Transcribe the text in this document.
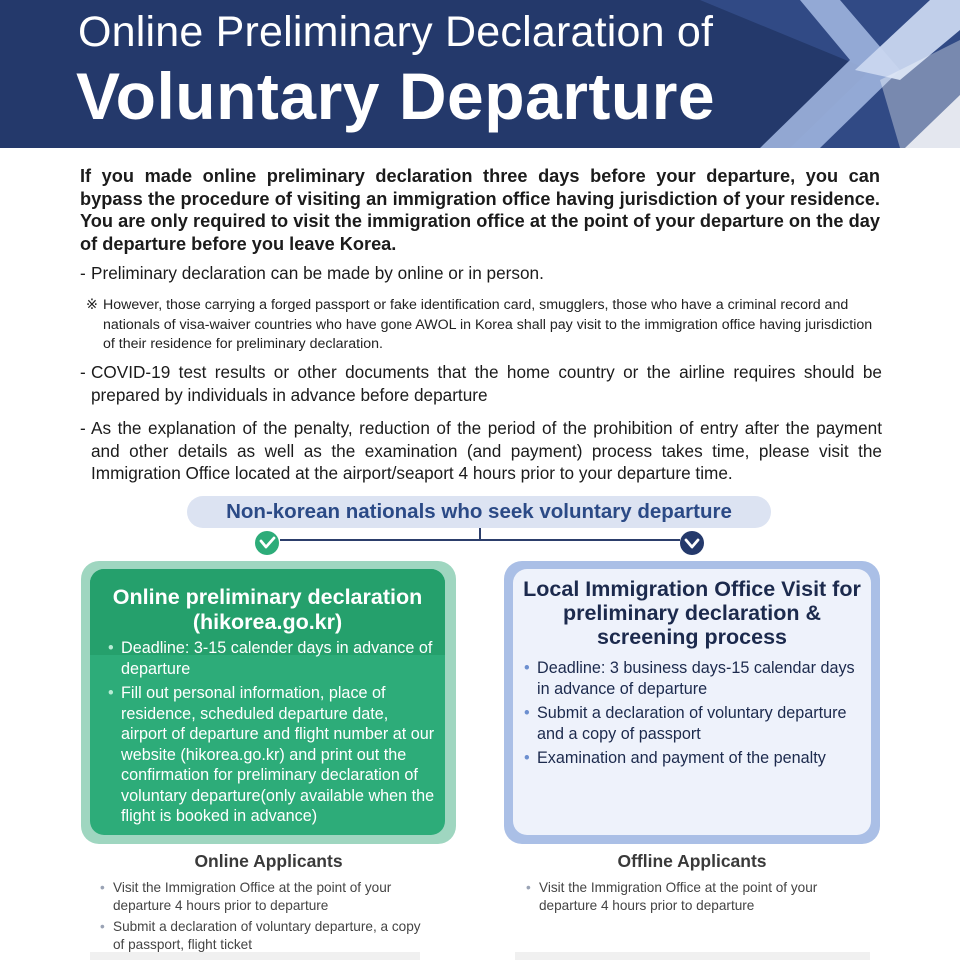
Online Preliminary Declaration of
Voluntary Departure
If you made online preliminary declaration three days before your departure, you can bypass the procedure of visiting an immigration office having jurisdiction of your residence. You are only required to visit the immigration office at the point of your departure on the day of departure before you leave Korea.
- Preliminary declaration can be made by online or in person.
※ However, those carrying a forged passport or fake identification card, smugglers, those who have a criminal record and nationals of visa-waiver countries who have gone AWOL in Korea shall pay visit to the immigration office having jurisdiction of their residence for preliminary declaration.
- COVID-19 test results or other documents that the home country or the airline requires should be prepared by individuals in advance before departure
- As the explanation of the penalty, reduction of the period of the prohibition of entry after the payment and other details as well as the examination (and payment) process takes time, please visit the Immigration Office located at the airport/seaport 4 hours prior to your departure time.
Non-korean nationals who seek voluntary departure
Online preliminary declaration (hikorea.go.kr)
• Deadline: 3-15 calender days in advance of departure
• Fill out personal information, place of residence, scheduled departure date, airport of departure and flight number at our website (hikorea.go.kr) and print out the confirmation for preliminary declaration of voluntary departure(only available when the flight is booked in advance)
Local Immigration Office Visit for preliminary declaration & screening process
• Deadline: 3 business days-15 calendar days in advance of departure
• Submit a declaration of voluntary departure and a copy of passport
• Examination and payment of the penalty
Online Applicants
• Visit the Immigration Office at the point of your departure 4 hours prior to departure
• Submit a declaration of voluntary departure, a copy of passport, flight ticket
Offline Applicants
• Visit the Immigration Office at the point of your departure 4 hours prior to departure
